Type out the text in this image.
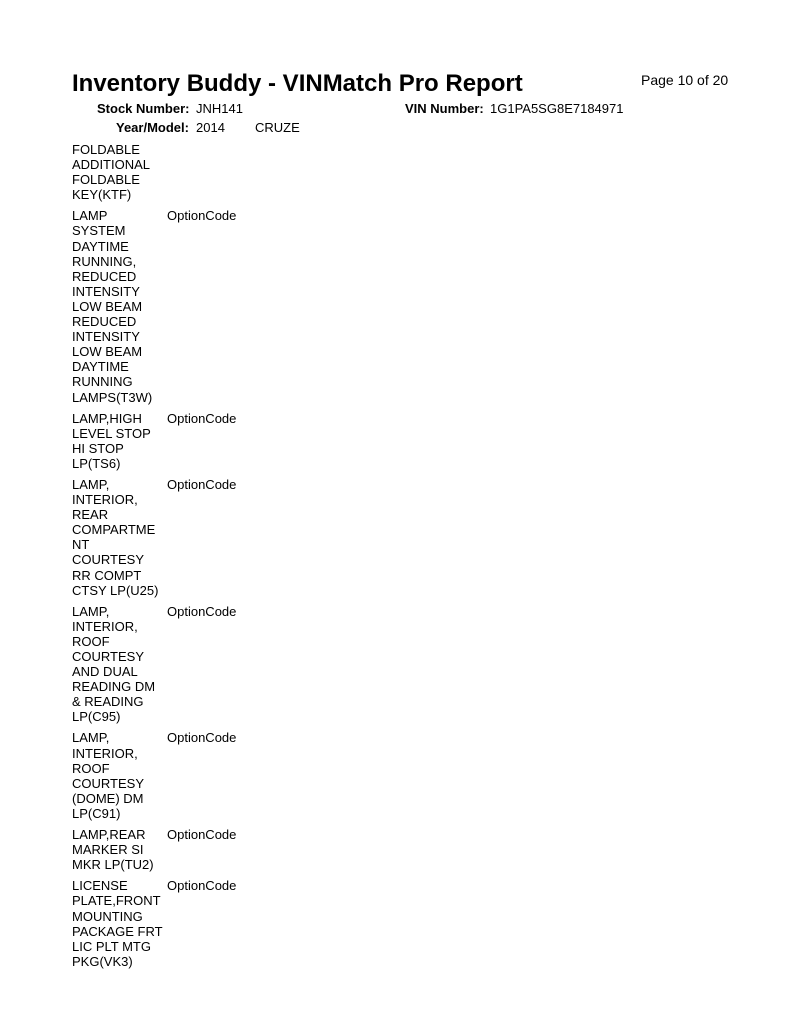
Page 10 of 20
Inventory Buddy - VINMatch Pro Report
Stock Number: JNH141	VIN Number: 1G1PA5SG8E7184971
Year/Model: 2014 CRUZE
FOLDABLE
ADDITIONAL
FOLDABLE
KEY(KTF)
LAMP
SYSTEM
DAYTIME
RUNNING,
REDUCED
INTENSITY
LOW BEAM
REDUCED
INTENSITY
LOW BEAM
DAYTIME
RUNNING
LAMPS(T3W)
OptionCode
LAMP,HIGH
LEVEL STOP
HI STOP
LP(TS6)
OptionCode
LAMP,
INTERIOR,
REAR
COMPARTME
NT
COURTESY
RR COMPT
CTSY LP(U25)
OptionCode
LAMP,
INTERIOR,
ROOF
COURTESY
AND DUAL
READING DM
& READING
LP(C95)
OptionCode
LAMP,
INTERIOR,
ROOF
COURTESY
(DOME) DM
LP(C91)
OptionCode
LAMP,REAR
MARKER SI
MKR LP(TU2)
OptionCode
LICENSE
PLATE,FRONT
MOUNTING
PACKAGE FRT
LIC PLT MTG
PKG(VK3)
OptionCode
